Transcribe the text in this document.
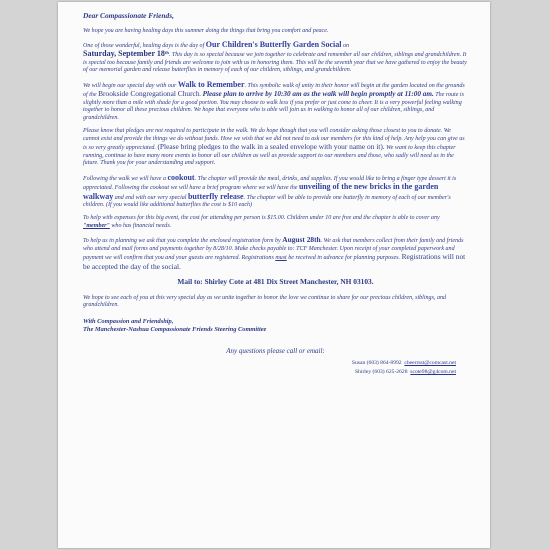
Dear Compassionate Friends,

We hope you are having healing days this summer doing the things that bring you comfort and peace.

One of those wonderful, healing days is the day of Our Children's Butterfly Garden Social on
Saturday, September 18th. This day is so special because we join together to celebrate and remember all our children, siblings and grandchildren. It is special too because family and friends are welcome to join with us in honoring them. This will be the seventh year that we have gathered to enjoy the beauty of our memorial garden and release butterflies in memory of each of our children, siblings, and grandchildren.

We will begin our special day with our Walk to Remember. This symbolic walk of unity in their honor will begin at the garden located on the grounds of the Brookside Congregational Church. Please plan to arrive by 10:30 am as the walk will begin promptly at 11:00 am. The route is slightly more than a mile with shade for a good portion. You may choose to walk less if you prefer or just come to cheer. It is a very powerful feeling walking together to honor all these precious children. We hope that everyone who is able will join us in walking to honor all of our children, siblings, and grandchildren.

Please know that pledges are not required to participate in the walk. We do hope though that you will consider asking those closest to you to donate. We cannot exist and provide the things we do without funds. How we wish that we did not need to ask our members for this kind of help. Any help you can give us is so very greatly appreciated. (Please bring pledges to the walk in a sealed envelope with your name on it). We want to keep this chapter running, continue to have many more events to honor all our children as well as provide support to our members and those, who sadly will need us in the future. Thank you for your understanding and support.

Following the walk we will have a cookout. The chapter will provide the meal, drinks, and supplies. If you would like to bring a finger type dessert it is appreciated. Following the cookout we will have a brief program where we will have the unveiling of the new bricks in the garden walkway and end with our very special butterfly release. The chapter will be able to provide one butterfly in memory of each of our member's children. (If you would like additional butterflies the cost is $10 each)

To help with expenses for this big event, the cost for attending per person is $15.00. Children under 10 are free and the chapter is able to cover any "member" who has financial needs.

To help us in planning we ask that you complete the enclosed registration form by August 28th. We ask that members collect from their family and friends who attend and mail forms and payments together by 8/28/10. Make checks payable to: TCF Manchester. Upon receipt of your completed paperwork and payment we will confirm that you and your guests are registered. Registrations must be received in advance for planning purposes. Registrations will not be accepted the day of the social.

Mail to: Shirley Cote at 481 Dix Street Manchester, NH 03103.

We hope to see each of you at this very special day as we unite together to honor the love we continue to share for our precious children, siblings, and grandchildren.

With Compassion and Friendship,
The Manchester-Nashua Compassionate Friends Steering Committee

Any questions please call or email:

Susan (603) 864-8992 cheerrsst@comcast.net
Shirley (603) 625-2628 scote98@g4com.net
